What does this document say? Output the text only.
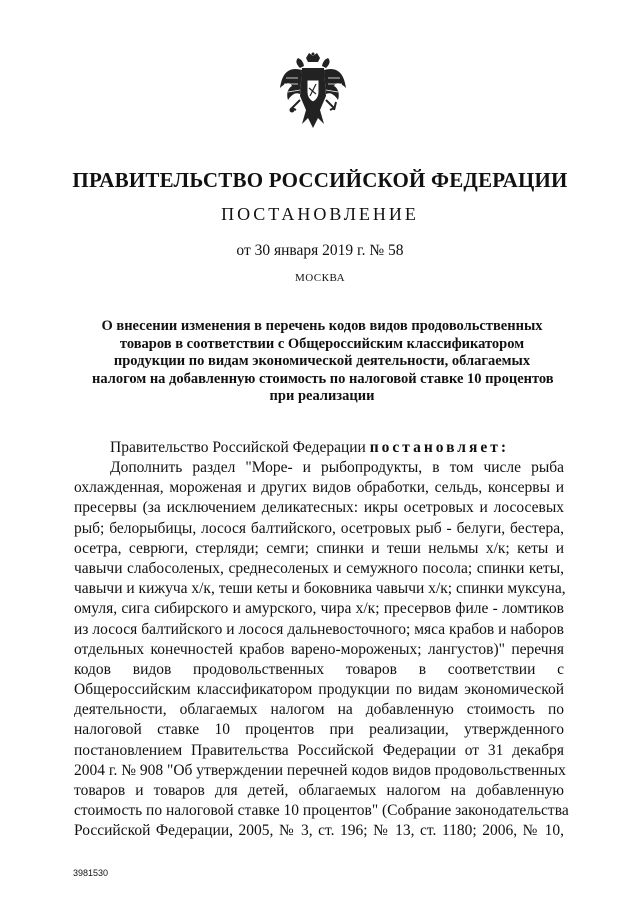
ПРАВИТЕЛЬСТВО РОССИЙСКОЙ ФЕДЕРАЦИИ
ПОСТАНОВЛЕНИЕ
от 30 января 2019 г. № 58
МОСКВА
О внесении изменения в перечень кодов видов продовольственных
товаров в соответствии с Общероссийским классификатором
продукции по видам экономической деятельности, облагаемых
налогом на добавленную стоимость по налоговой ставке 10 процентов
при реализации
Правительство Российской Федерации постановляет:
Дополнить раздел "Море- и рыбопродукты, в том числе рыба
охлажденная, мороженая и других видов обработки, сельдь, консервы и
пресервы (за исключением деликатесных: икры осетровых и лососевых
рыб; белорыбицы, лосося балтийского, осетровых рыб - белуги, бестера,
осетра, севрюги, стерляди; семги; спинки и теши нельмы х/к; кеты и
чавычи слабосоленых, среднесоленых и семужного посола; спинки кеты,
чавычи и кижуча х/к, теши кеты и боковника чавычи х/к; спинки муксуна,
омуля, сига сибирского и амурского, чира х/к; пресервов филе - ломтиков
из лосося балтийского и лосося дальневосточного; мяса крабов и наборов
отдельных конечностей крабов варено-мороженых; лангустов)" перечня
кодов видов продовольственных товаров в соответствии с
Общероссийским классификатором продукции по видам экономической
деятельности, облагаемых налогом на добавленную стоимость по
налоговой ставке 10 процентов при реализации, утвержденного
постановлением Правительства Российской Федерации от 31 декабря
2004 г. № 908 "Об утверждении перечней кодов видов продовольственных
товаров и товаров для детей, облагаемых налогом на добавленную
стоимость по налоговой ставке 10 процентов" (Собрание законодательства
Российской Федерации, 2005, № 3, ст. 196; № 13, ст. 1180; 2006, № 10,
3981530
